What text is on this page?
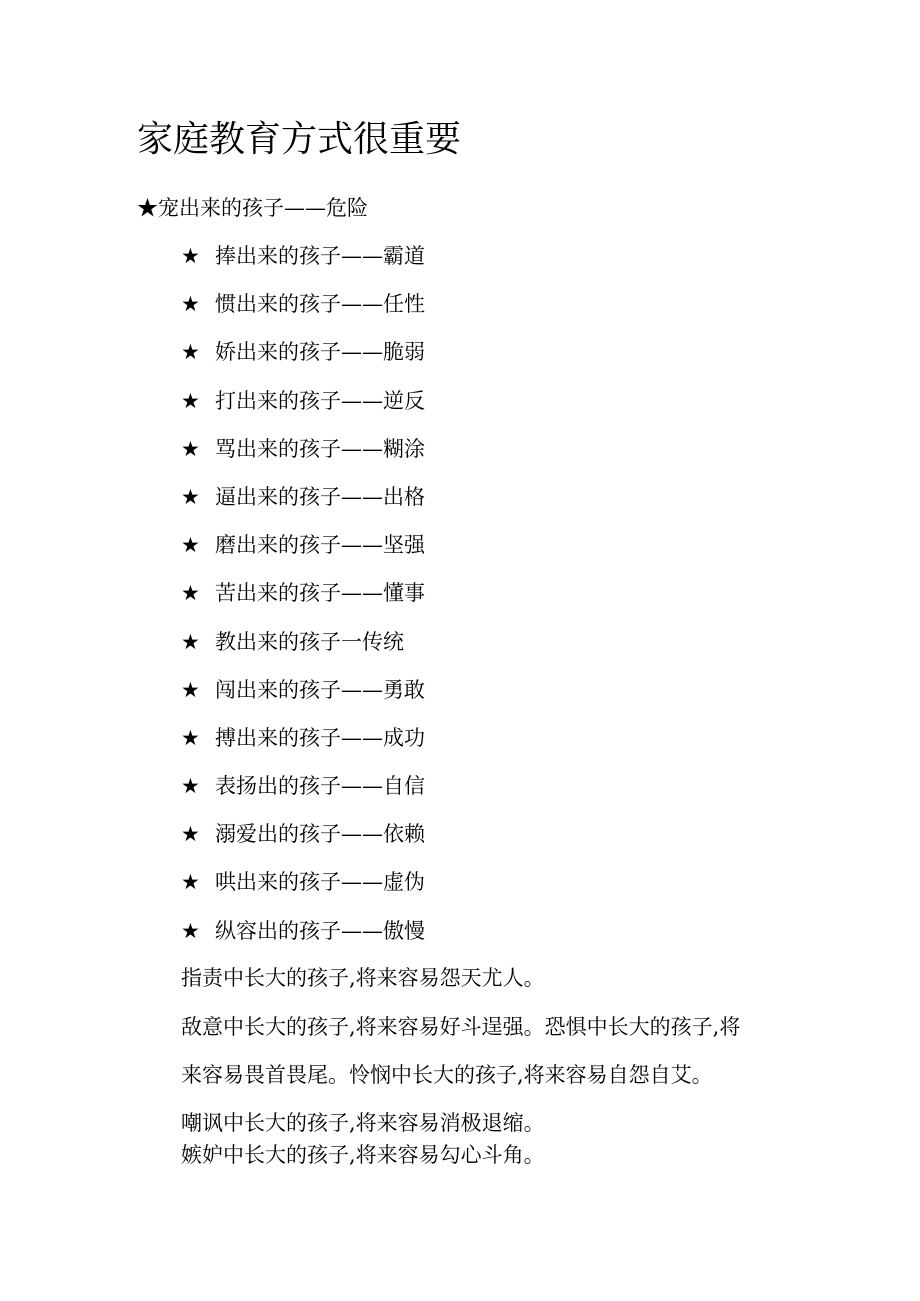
家庭教育方式很重要
★宠出来的孩子——危险
★ 捧出来的孩子——霸道
★ 惯出来的孩子——任性
★ 娇出来的孩子——脆弱
★ 打出来的孩子——逆反
★ 骂出来的孩子——糊涂
★ 逼出来的孩子——出格
★ 磨出来的孩子——坚强
★ 苦出来的孩子——懂事
★ 教出来的孩子一传统
★ 闯出来的孩子——勇敢
★ 搏出来的孩子——成功
★ 表扬出的孩子——自信
★ 溺爱出的孩子——依赖
★ 哄出来的孩子——虚伪
★ 纵容出的孩子——傲慢
指责中长大的孩子,将来容易怨天尤人。
敌意中长大的孩子,将来容易好斗逞强。恐惧中长大的孩子,将
来容易畏首畏尾。怜悯中长大的孩子,将来容易自怨自艾。
嘲讽中长大的孩子,将来容易消极退缩。
嫉妒中长大的孩子,将来容易勾心斗角。
